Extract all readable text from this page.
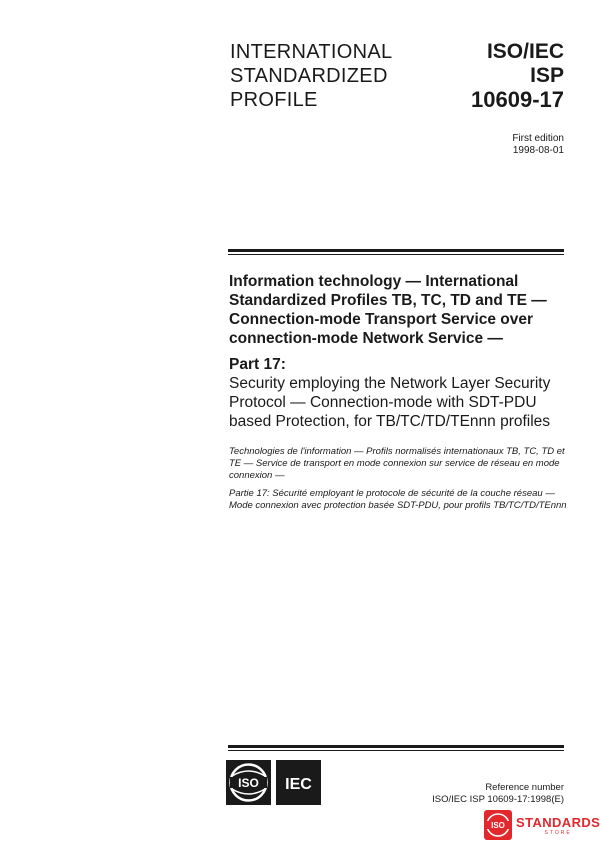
INTERNATIONAL
STANDARDIZED
PROFILE
ISO/IEC
ISP
10609-17
First edition
1998-08-01

Information technology — International Standardized Profiles TB, TC, TD and TE — Connection-mode Transport Service over connection-mode Network Service —

Part 17:

Security employing the Network Layer Security Protocol — Connection-mode with SDT-PDU based Protection, for TB/TC/TD/TEnnn profiles

Technologies de l'information — Profils normalisés internationaux TB, TC, TD et TE — Service de transport en mode connexion sur service de réseau en mode connexion —

Partie 17: Sécurité employant le protocole de sécurité de la couche réseau — Mode connexion avec protection basée SDT-PDU, pour profils TB/TC/TD/TEnnn

ISO IEC	Reference number
ISO/IEC ISP 10609-17:1998(E)
ISO STANDARDS
STORE
